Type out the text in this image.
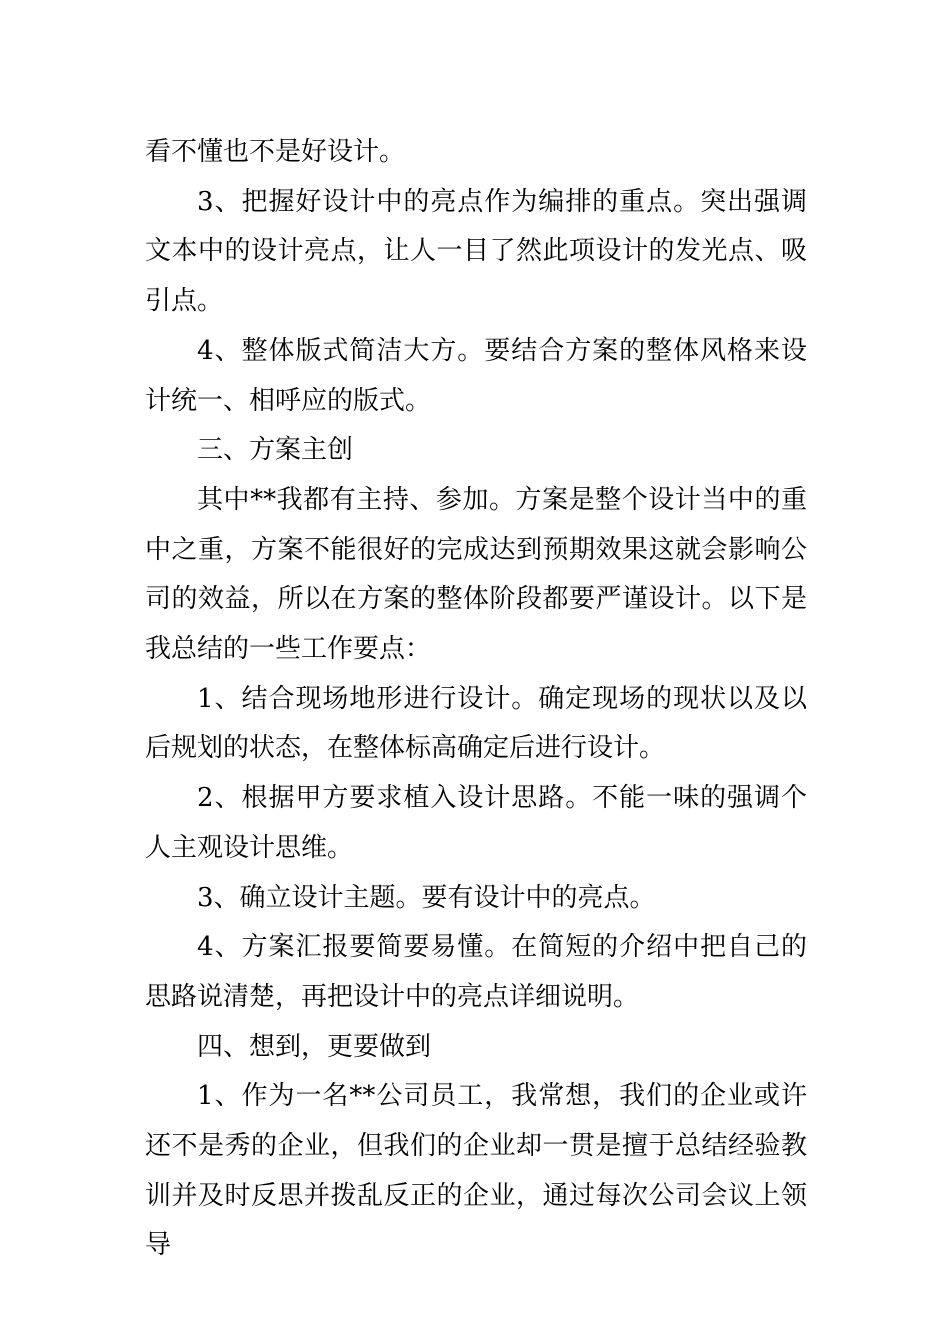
看不懂也不是好设计。

3、把握好设计中的亮点作为编排的重点。突出强调文本中的设计亮点，让人一目了然此项设计的发光点、吸引点。

4、整体版式简洁大方。要结合方案的整体风格来设计统一、相呼应的版式。

三、方案主创

其中**我都有主持、参加。方案是整个设计当中的重中之重，方案不能很好的完成达到预期效果这就会影响公司的效益，所以在方案的整体阶段都要严谨设计。以下是我总结的一些工作要点：

1、结合现场地形进行设计。确定现场的现状以及以后规划的状态，在整体标高确定后进行设计。

2、根据甲方要求植入设计思路。不能一味的强调个人主观设计思维。

3、确立设计主题。要有设计中的亮点。

4、方案汇报要简要易懂。在简短的介绍中把自己的思路说清楚，再把设计中的亮点详细说明。

四、想到，更要做到

1、作为一名**公司员工，我常想，我们的企业或许还不是秀的企业，但我们的企业却一贯是擅于总结经验教训并及时反思并拨乱反正的企业，通过每次公司会议上领导
